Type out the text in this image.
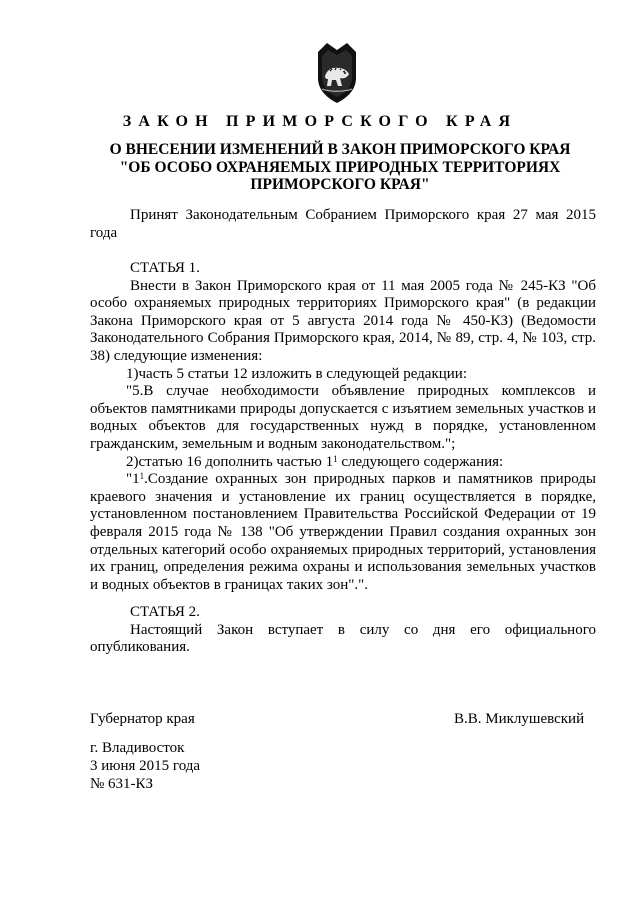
ЗАКОН ПРИМОРСКОГО КРАЯ
О ВНЕСЕНИИ ИЗМЕНЕНИЙ В ЗАКОН ПРИМОРСКОГО КРАЯ
"ОБ ОСОБО ОХРАНЯЕМЫХ ПРИРОДНЫХ ТЕРРИТОРИЯХ
ПРИМОРСКОГО КРАЯ"

Принят Законодательным Собранием Приморского края 27 мая 2015 года

СТАТЬЯ 1.

Внести в Закон Приморского края от 11 мая 2005 года № 245-КЗ "Об особо охраняемых природных территориях Приморского края" (в редакции Закона Приморского края от 5 августа 2014 года № 450-КЗ) (Ведомости Законодательного Собрания Приморского края, 2014, № 89, стр. 4, № 103, стр. 38) следующие изменения:

1)часть 5 статьи 12 изложить в следующей редакции:

"5.В случае необходимости объявление природных комплексов и объектов памятниками природы допускается с изъятием земельных участков и водных объектов для государственных нужд в порядке, установленном гражданским, земельным и водным законодательством.";

2)статью 16 дополнить частью $1^1$ следующего содержания:

"$1^1.Создание$ охранных зон природных парков и памятников природы краевого значения и установление их границ осуществляется в порядке, установленном постановлением Правительства Российской Федерации от 19 февраля 2015 года № 138 "Об утверждении Правил создания охранных зон отдельных категорий особо охраняемых природных территорий, установления их границ, определения режима охраны и использования земельных участков и водных объектов в границах таких зон".".

СТАТЬЯ 2.

Настоящий Закон вступает в силу со дня его официального опубликования.

Губернатор края	В.В. Миклушевский
г. Владивосток
3 июня 2015 года
№ 631-КЗ
